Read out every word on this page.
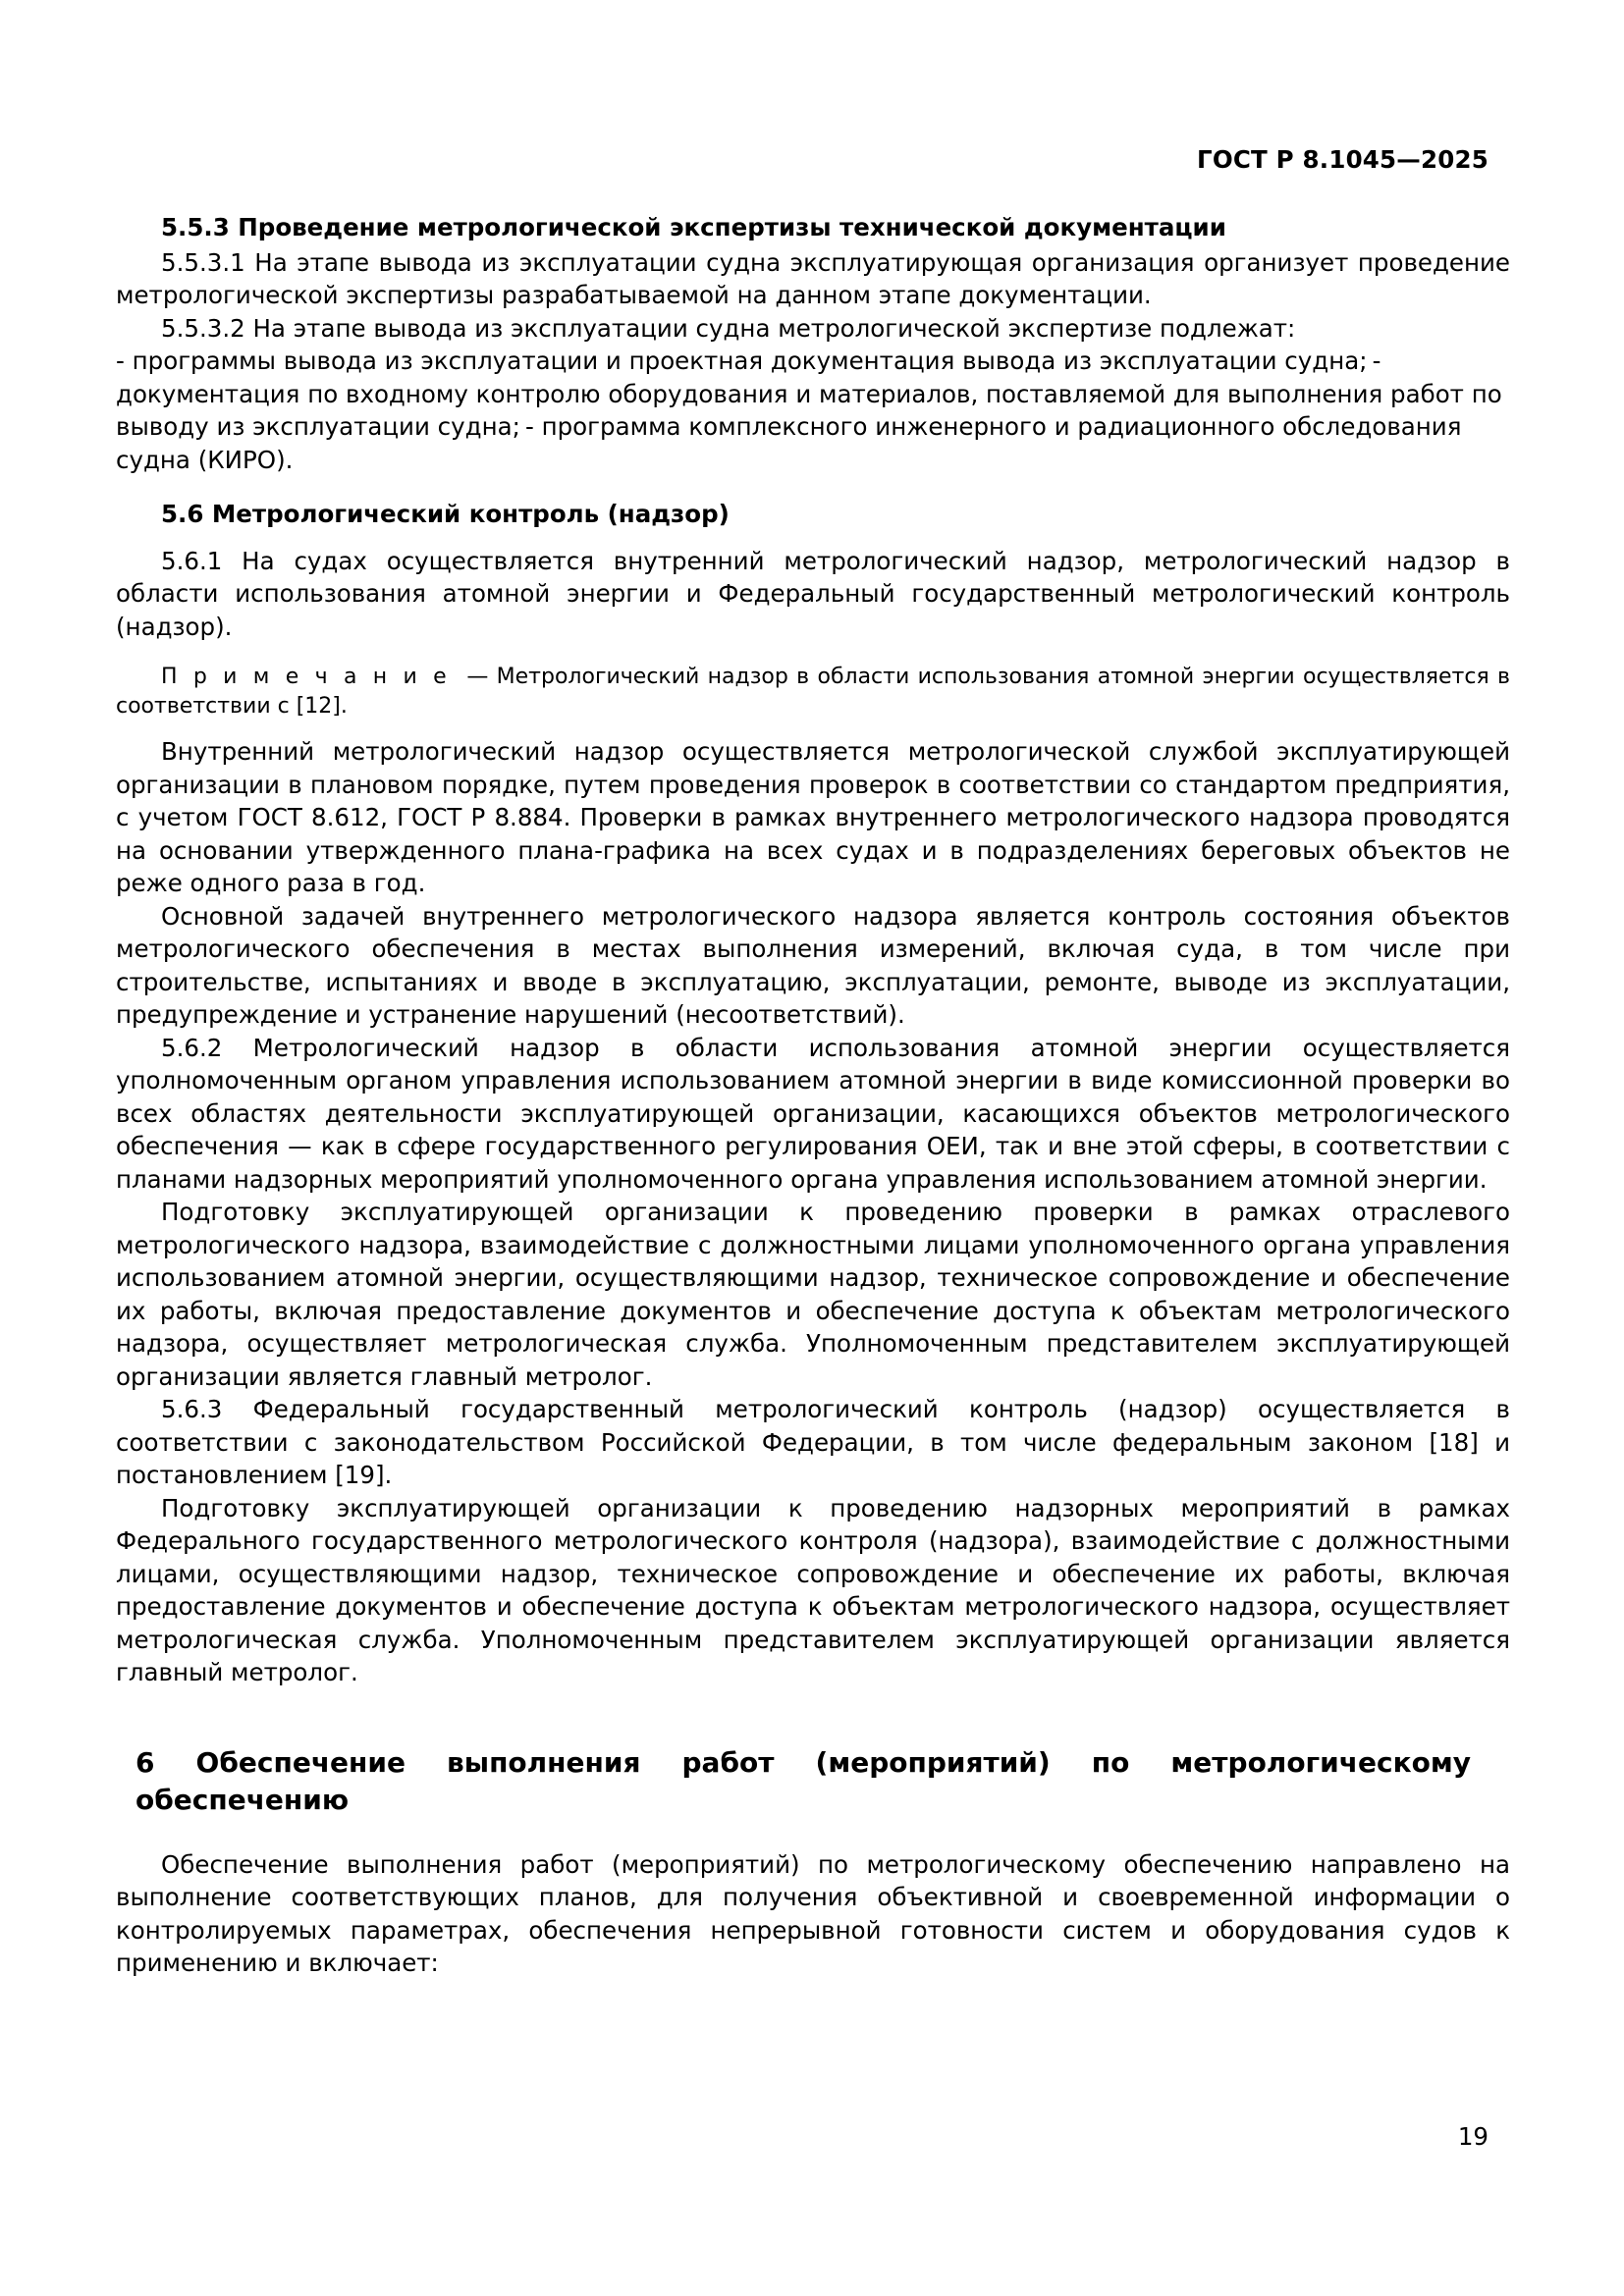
ГОСТ Р 8.1045—2025

5.5.3 Проведение метрологической экспертизы технической документации

5.5.3.1 На этапе вывода из эксплуатации судна эксплуатирующая организация организует проведение метрологической экспертизы разрабатываемой на данном этапе документации.

5.5.3.2 На этапе вывода из эксплуатации судна метрологической экспертизе подлежат:

- программы вывода из эксплуатации и проектная документация вывода из эксплуатации судна;

- документация по входному контролю оборудования и материалов, поставляемой для выполнения работ по выводу из эксплуатации судна;

- программа комплексного инженерного и радиационного обследования судна (КИРО).

5.6 Метрологический контроль (надзор)

5.6.1 На судах осуществляется внутренний метрологический надзор, метрологический надзор в области использования атомной энергии и Федеральный государственный метрологический контроль (надзор).

П р и м е ч а н и е — Метрологический надзор в области использования атомной энергии осуществляется в соответствии с [12].

Внутренний метрологический надзор осуществляется метрологической службой эксплуатирующей организации в плановом порядке, путем проведения проверок в соответствии со стандартом предприятия, с учетом ГОСТ 8.612, ГОСТ Р 8.884. Проверки в рамках внутреннего метрологического надзора проводятся на основании утвержденного плана-графика на всех судах и в подразделениях береговых объектов не реже одного раза в год.

Основной задачей внутреннего метрологического надзора является контроль состояния объектов метрологического обеспечения в местах выполнения измерений, включая суда, в том числе при строительстве, испытаниях и вводе в эксплуатацию, эксплуатации, ремонте, выводе из эксплуатации, предупреждение и устранение нарушений (несоответствий).

5.6.2 Метрологический надзор в области использования атомной энергии осуществляется уполномоченным органом управления использованием атомной энергии в виде комиссионной проверки во всех областях деятельности эксплуатирующей организации, касающихся объектов метрологического обеспечения — как в сфере государственного регулирования ОЕИ, так и вне этой сферы, в соответствии с планами надзорных мероприятий уполномоченного органа управления использованием атомной энергии.

Подготовку эксплуатирующей организации к проведению проверки в рамках отраслевого метрологического надзора, взаимодействие с должностными лицами уполномоченного органа управления использованием атомной энергии, осуществляющими надзор, техническое сопровождение и обеспечение их работы, включая предоставление документов и обеспечение доступа к объектам метрологического надзора, осуществляет метрологическая служба. Уполномоченным представителем эксплуатирующей организации является главный метролог.

5.6.3 Федеральный государственный метрологический контроль (надзор) осуществляется в соответствии с законодательством Российской Федерации, в том числе федеральным законом [18] и постановлением [19].

Подготовку эксплуатирующей организации к проведению надзорных мероприятий в рамках Федерального государственного метрологического контроля (надзора), взаимодействие с должностными лицами, осуществляющими надзор, техническое сопровождение и обеспечение их работы, включая предоставление документов и обеспечение доступа к объектам метрологического надзора, осуществляет метрологическая служба. Уполномоченным представителем эксплуатирующей организации является главный метролог.

6 Обеспечение выполнения работ (мероприятий) по метрологическому обеспечению

Обеспечение выполнения работ (мероприятий) по метрологическому обеспечению направлено на выполнение соответствующих планов, для получения объективной и своевременной информации о контролируемых параметрах, обеспечения непрерывной готовности систем и оборудования судов к применению и включает:

19
